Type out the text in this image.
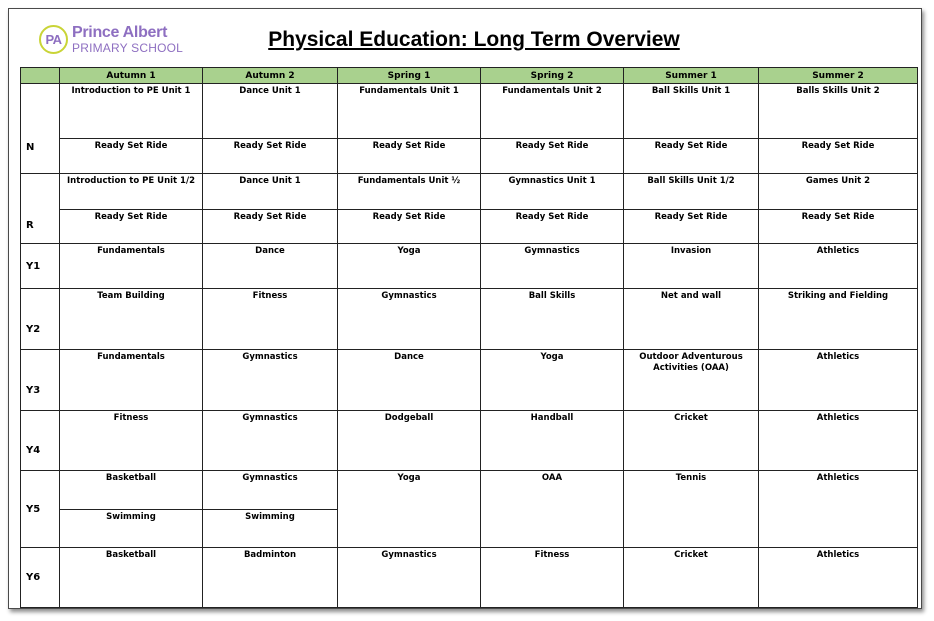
PA Prince Albert
PRIMARY SCHOOL	Physical Education: Long Term Overview
	Autumn 1	Autumn 2	Spring 1	Spring 2	Summer 1	Summer 2
N	Introduction to PE Unit 1	Dance Unit 1	Fundamentals Unit 1	Fundamentals Unit 2	Ball Skills Unit 1	Balls Skills Unit 2
	Ready Set Ride	Ready Set Ride	Ready Set Ride	Ready Set Ride	Ready Set Ride	Ready Set Ride
R	Introduction to PE Unit 1/2	Dance Unit 1	Fundamentals Unit ½	Gymnastics Unit 1	Ball Skills Unit 1/2	Games Unit 2
	Ready Set Ride	Ready Set Ride	Ready Set Ride	Ready Set Ride	Ready Set Ride	Ready Set Ride
Y1	Fundamentals	Dance	Yoga	Gymnastics	Invasion	Athletics
Y2	Team Building	Fitness	Gymnastics	Ball Skills	Net and wall	Striking and Fielding
Y3	Fundamentals	Gymnastics	Dance	Yoga	Outdoor Adventurous Activities (OAA)	Athletics
Y4	Fitness	Gymnastics	Dodgeball	Handball	Cricket	Athletics
Y5	Basketball	Gymnastics	Yoga	OAA	Tennis	Athletics
	Swimming	Swimming				
Y6	Basketball	Badminton	Gymnastics	Fitness	Cricket	Athletics
